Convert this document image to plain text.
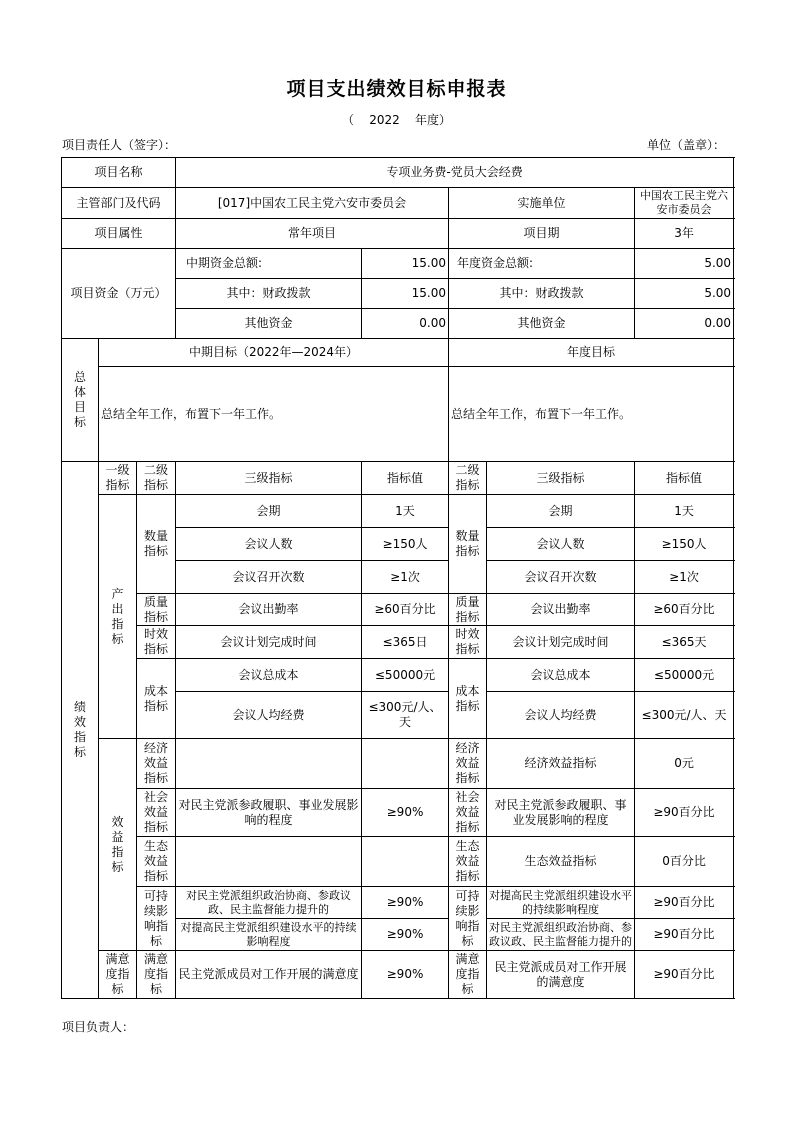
项目支出绩效目标申报表
（ 2022 年度）
项目责任人（签字）：	单位（盖章）：
项目名称			专项业务费-党员大会经费				
主管部门及代码			[017]中国农工民主党六安市委员会		实施单位		中国农工民主党六安市委员会
项目属性			常年项目		项目期		3年
项目资金（万元）			中期资金总额:	15.00	年度资金总额:		5.00
			其中：财政拨款	15.00	其中：财政拨款		5.00
			其他资金	0.00	其他资金		0.00
总体目标	中期目标（2022年—2024年）				年度目标		
	总结全年工作，布置下一年工作。				总结全年工作，布置下一年工作。		
绩效指标	一级指标	二级指标	三级指标	指标值	二级指标	三级指标	指标值
	产出指标	数量指标	会期	1天	数量指标	会期	1天
			会议人数	≥150人		会议人数	≥150人
			会议召开次数	≥1次		会议召开次数	≥1次
		质量指标	会议出勤率	≥60百分比	质量指标	会议出勤率	≥60百分比
		时效指标	会议计划完成时间	≤365日	时效指标	会议计划完成时间	≤365天
		成本指标	会议总成本	≤50000元	成本指标	会议总成本	≤50000元
			会议人均经费	≤300元/人、天		会议人均经费	≤300元/人、天
	效益指标	经济效益指标			经济效益指标	经济效益指标	0元
		社会效益指标	对民主党派参政履职、事业发展影响的程度	≥90%	社会效益指标	对民主党派参政履职、事业发展影响的程度	≥90百分比
		生态效益指标			生态效益指标	生态效益指标	0百分比
		可持续影响指标	对民主党派组织政治协商、参政议政、民主监督能力提升的	≥90%	可持续影响指标	对提高民主党派组织建设水平的持续影响程度	≥90百分比
			对提高民主党派组织建设水平的持续影响程度	≥90%		对民主党派组织政治协商、参政议政、民主监督能力提升的	≥90百分比
	满意度指标	满意度指标	民主党派成员对工作开展的满意度	≥90%	满意度指标	民主党派成员对工作开展的满意度	≥90百分比
项目负责人：
